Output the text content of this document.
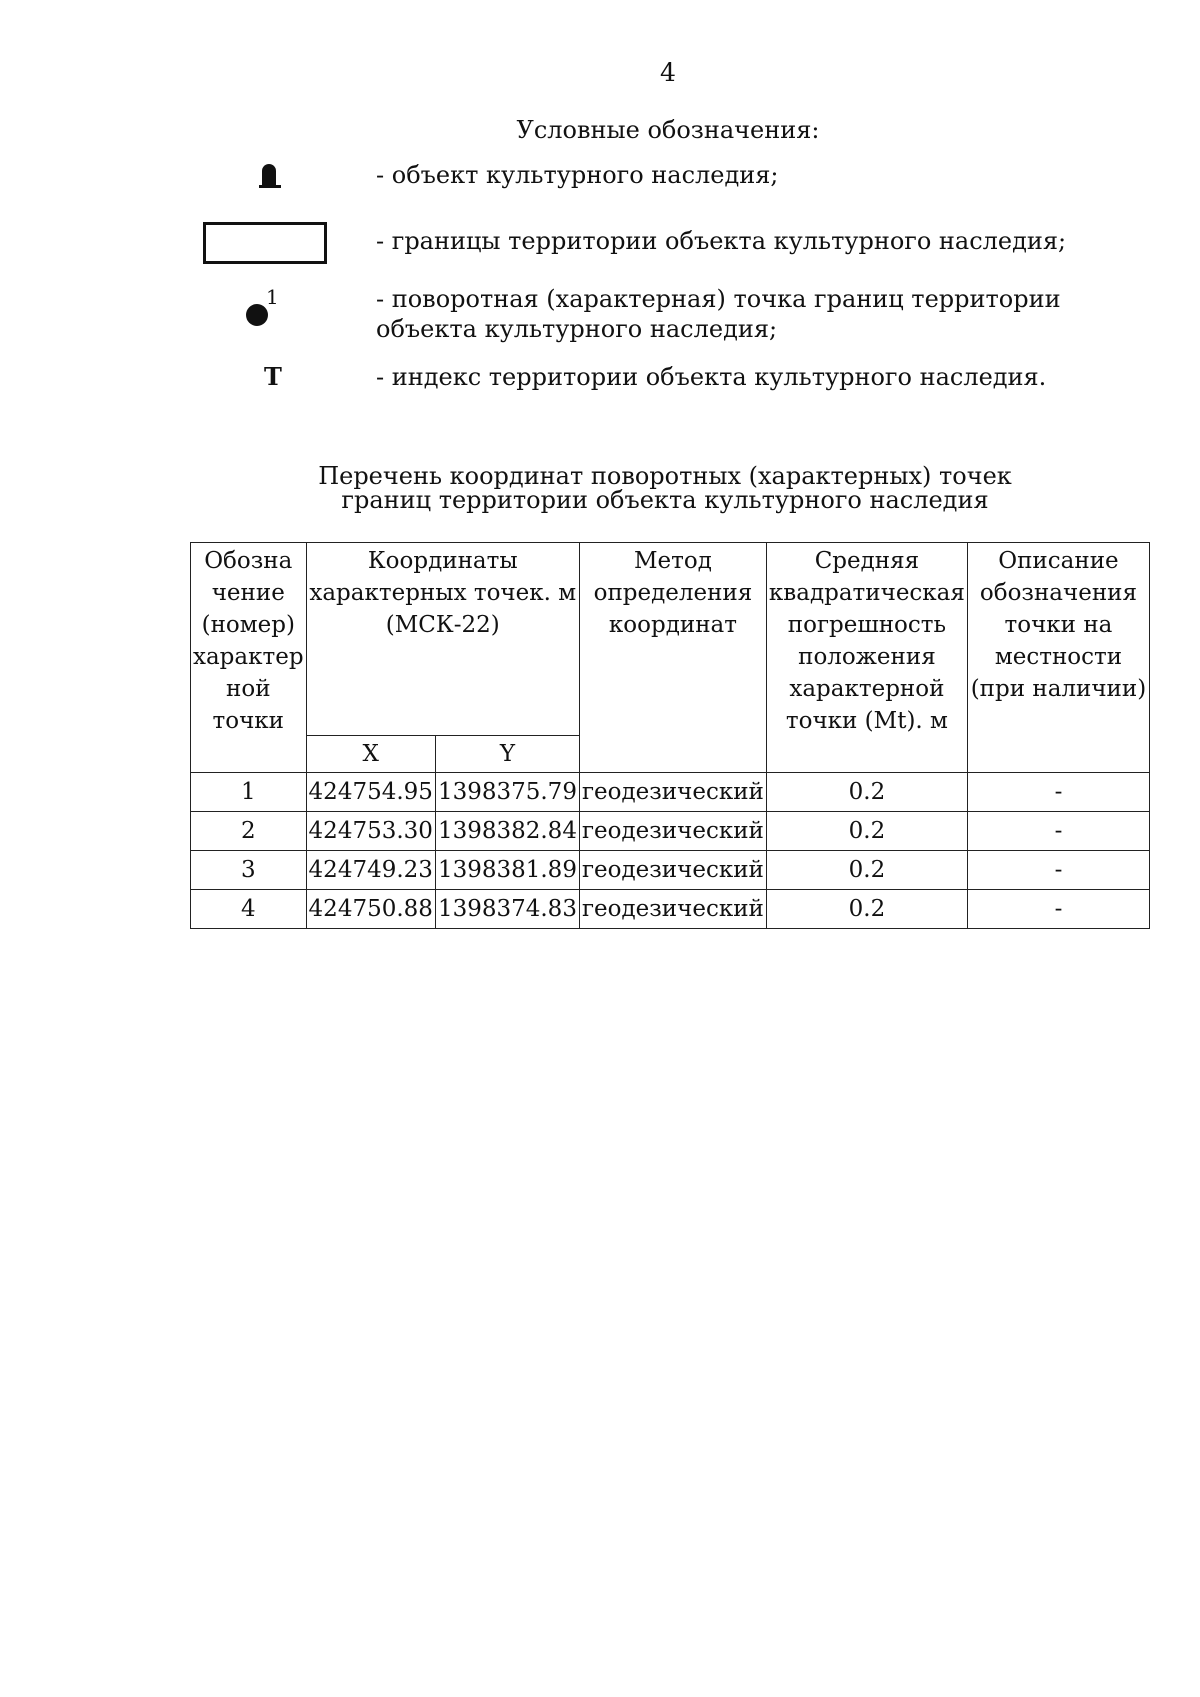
4
Условные обозначения:
- объект культурного наследия;
- границы территории объекта культурного наследия;
1	- поворотная (характерная) точка границ территории объекта культурного наследия;
Т	- индекс территории объекта культурного наследия.
Перечень координат поворотных (характерных) точек
границ территории объекта культурного наследия
Обозна чение (номер) характер ной точки	Координаты характерных точек. м (МСК-22)		Метод определения координат	Средняя квадратическая погрешность положения характерной точки (Mt). м	Описание обозначения точки на местности (при наличии)
	X	Y			
1	424754.95	1398375.79	геодезический	0.2	-
2	424753.30	1398382.84	геодезический	0.2	-
3	424749.23	1398381.89	геодезический	0.2	-
4	424750.88	1398374.83	геодезический	0.2	-
